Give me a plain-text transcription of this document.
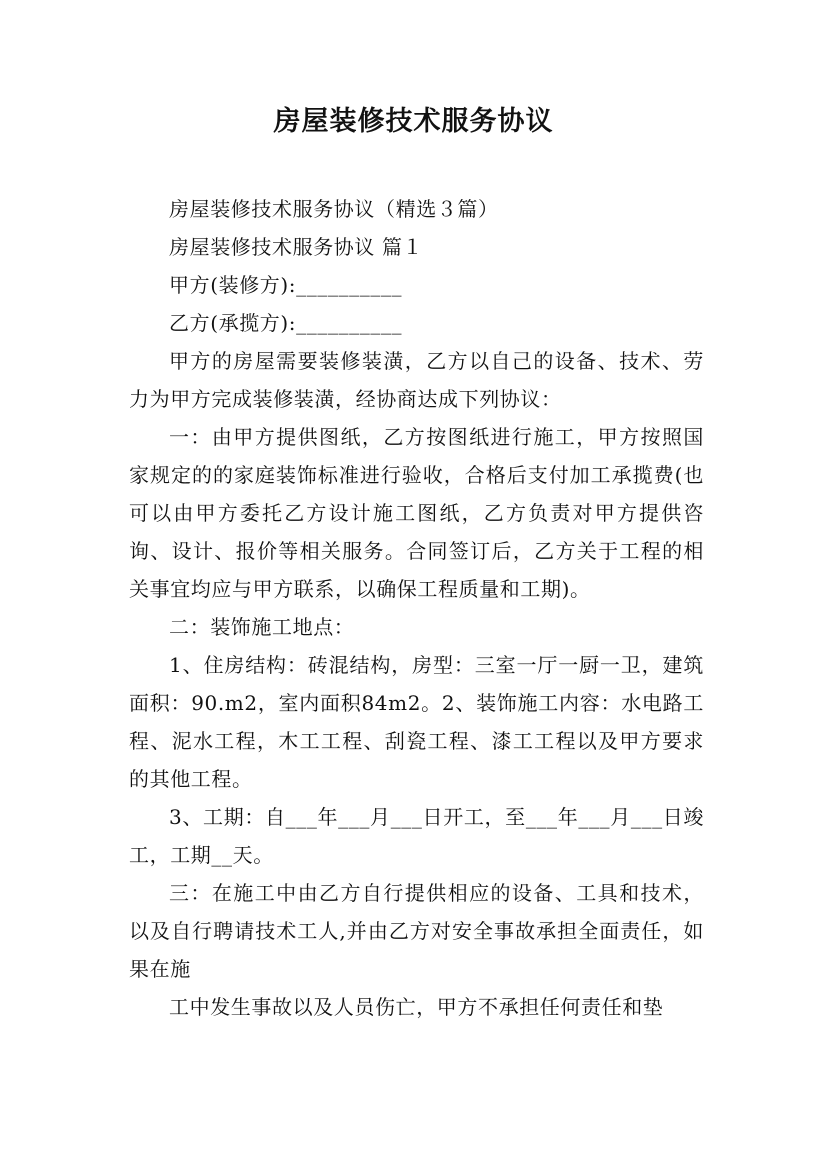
房屋装修技术服务协议

房屋装修技术服务协议（精选３篇）

房屋装修技术服务协议 篇１

甲方(装修方):__________

乙方(承揽方):__________

甲方的房屋需要装修装潢，乙方以自己的设备、技术、劳力为甲方完成装修装潢，经协商达成下列协议：

一：由甲方提供图纸，乙方按图纸进行施工，甲方按照国家规定的的家庭装饰标准进行验收，合格后支付加工承揽费(也可以由甲方委托乙方设计施工图纸，乙方负责对甲方提供咨询、设计、报价等相关服务。合同签订后，乙方关于工程的相关事宜均应与甲方联系，以确保工程质量和工期)。

二：装饰施工地点：

1、住房结构：砖混结构，房型：三室一厅一厨一卫，建筑面积：90.m2，室内面积84m2。2、装饰施工内容：水电路工程、泥水工程，木工工程、刮瓷工程、漆工工程以及甲方要求的其他工程。

3、工期：自___年___月___日开工，至___年___月___日竣工，工期__天。

三：在施工中由乙方自行提供相应的设备、工具和技术，以及自行聘请技术工人,并由乙方对安全事故承担全面责任，如果在施

工中发生事故以及人员伤亡，甲方不承担任何责任和垫
